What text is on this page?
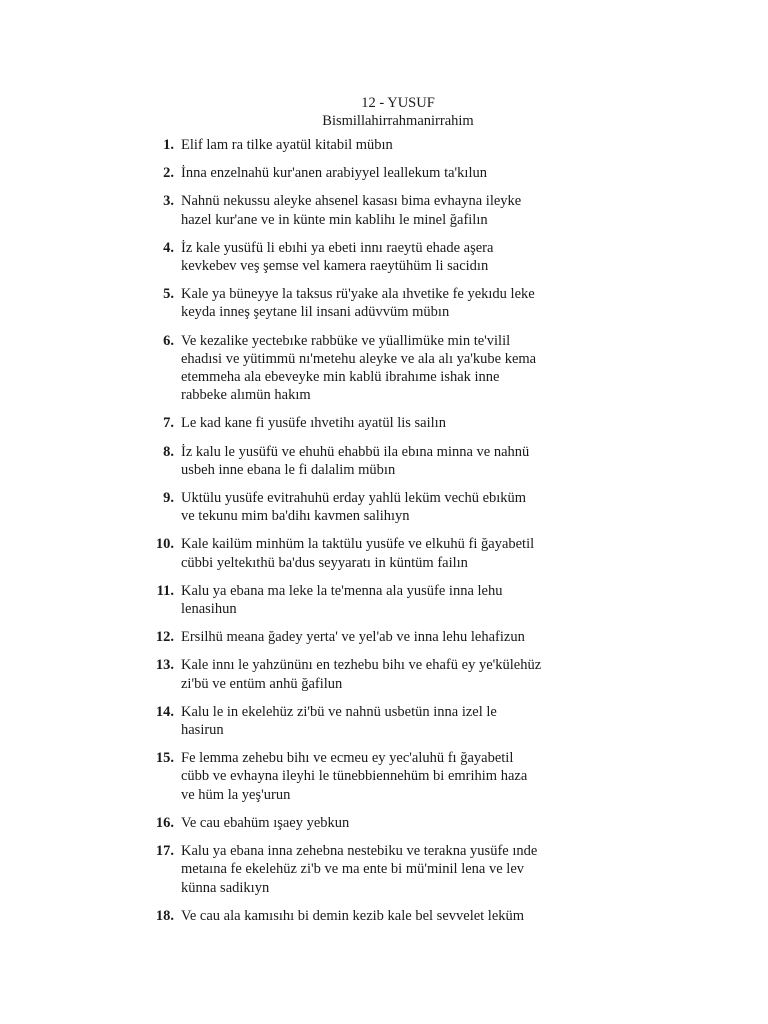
12 - YUSUF
Bismillahirrahmanirrahim
1. Elif lam ra tilke ayatül kitabil mübın
2. İnna enzelnahü kur'anen arabiyyel leallekum ta'kılun
3. Nahnü nekussu aleyke ahsenel kasası bima evhayna ileyke
hazel kur'ane ve in künte min kablihı le minel ğafilın
4. İz kale yusüfü li ebıhi ya ebeti innı raeytü ehade aşera
kevkebev veş şemse vel kamera raeytühüm li sacidın
5. Kale ya büneyye la taksus rü'yake ala ıhvetike fe yekıdu leke
keyda inneş şeytane lil insani adüvvüm mübın
6. Ve kezalike yectebıke rabbüke ve yüallimüke min te'vilil
ehadısi ve yütimmü nı'metehu aleyke ve ala alı ya'kube kema
etemmeha ala ebeveyke min kablü ibrahıme ishak inne
rabbeke alımün hakım
7. Le kad kane fi yusüfe ıhvetihı ayatül lis sailın
8. İz kalu le yusüfü ve ehuhü ehabbü ila ebına minna ve nahnü
usbeh inne ebana le fi dalalim mübın
9. Uktülu yusüfe evitrahuhü erday yahlü leküm vechü ebıküm
ve tekunu mim ba'dihı kavmen salihıyn
10. Kale kailüm minhüm la taktülu yusüfe ve elkuhü fi ğayabetil
cübbi yeltekıthü ba'dus seyyaratı in küntüm failın
11. Kalu ya ebana ma leke la te'menna ala yusüfe inna lehu
lenasihun
12. Ersilhü meana ğadey yerta' ve yel'ab ve inna lehu lehafizun
13. Kale innı le yahzününı en tezhebu bihı ve ehafü ey ye'külehüz
zi'bü ve entüm anhü ğafilun
14. Kalu le in ekelehüz zi'bü ve nahnü usbetün inna izel le
hasirun
15. Fe lemma zehebu bihı ve ecmeu ey yec'aluhü fı ğayabetil
cübb ve evhayna ileyhi le tünebbiennehüm bi emrihim haza
ve hüm la yeş'urun
16. Ve cau ebahüm ışaey yebkun
17. Kalu ya ebana inna zehebna nestebiku ve terakna yusüfe ınde
metaına fe ekelehüz zi'b ve ma ente bi mü'minil lena ve lev
künna sadikıyn
18. Ve cau ala kamısıhı bi demin kezib kale bel sevvelet leküm
